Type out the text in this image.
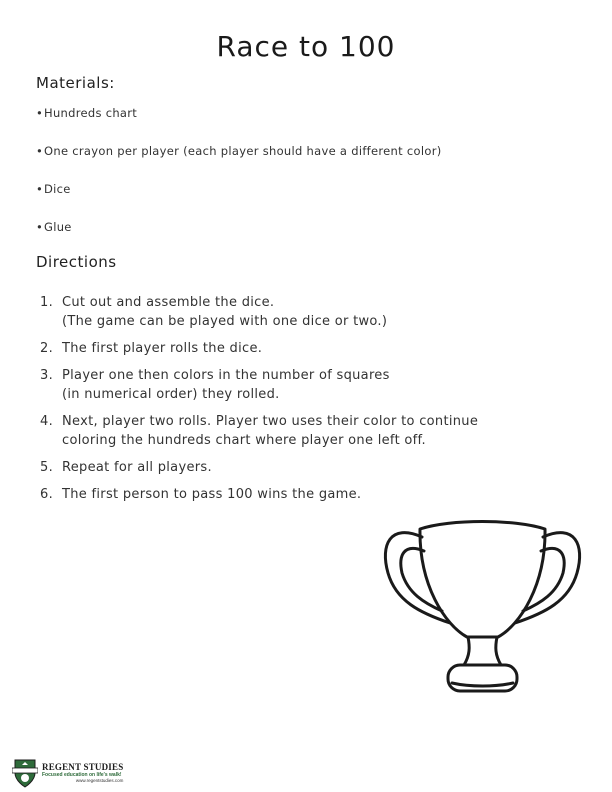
Race to 100
Materials:
•Hundreds chart
•One crayon per player (each player should have a different color)
•Dice
•Glue
Directions
1. Cut out and assemble the dice.
(The game can be played with one dice or two.)
2. The first player rolls the dice.
3. Player one then colors in the number of squares
(in numerical order) they rolled.
4. Next, player two rolls. Player two uses their color to continue
coloring the hundreds chart where player one left off.
5. Repeat for all players.
6. The first person to pass 100 wins the game.
REGENT STUDIES
Focused education on life's walk!
www.regentstudies.com
